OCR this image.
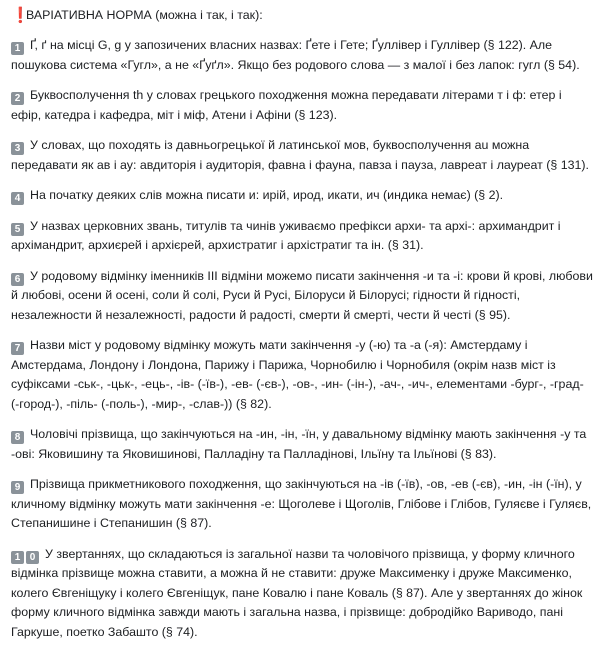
❗
ВАРІАТИВНА НОРМА (можна і так, і так):
1 Ґ, ґ на місці G, g у запозичених власних назвах: Ґете і Гете; Ґуллівер і Гуллівер (§ 122). Але пошукова система «Гугл», а не «Ґуґл». Якщо без родового слова — з малої і без лапок: гугл (§ 54).
2 Буквосполучення th у словах грецького походження можна передавати літерами т і ф: етер і ефір, катедра і кафедра, міт і міф, Атени і Афіни (§ 123).
3 У словах, що походять із давньогрецької й латинської мов, буквосполучення au можна передавати як ав і ау: авдиторія і аудиторія, фавна і фауна, павза і пауза, лавреат і лауреат (§ 131).
4 На початку деяких слів можна писати и: ирій, ирод, икати, ич (индика немає) (§ 2).
5 У назвах церковних звань, титулів та чинів уживаємо префікси архи- та архі-: архимандрит і архімандрит, архиєрей і архієрей, архистратиг і архістратиг та ін. (§ 31).
6 У родовому відмінку іменників ІІІ відміни можемо писати закінчення -и та -і: крови й крові, любови й любові, осени й осені, соли й солі, Руси й Русі, Білоруси й Білорусі; гідности й гідності, незалежности й незалежності, радости й радості, смерти й смерті, чести й честі (§ 95).
7 Назви міст у родовому відмінку можуть мати закінчення -у (-ю) та -а (-я): Амстердаму і Амстердама, Лондону і Лондона, Парижу і Парижа, Чорнобилю і Чорнобиля (окрім назв міст із суфіксами -ськ-, -цьк-, -ець-, -ів- (-їв-), -ев- (-єв-), -ов-, -ин- (-ін-), -ач-, -ич-, елементами -бург-, -град- (-город-), -піль- (-поль-), -мир-, -слав-)) (§ 82).
8 Чоловічі прізвища, що закінчуються на -ин, -ін, -їн, у давальному відмінку мають закінчення -у та -ові: Яковишину та Яковишинові, Палладіну та Палладінові, Ільїну та Ільїнові (§ 83).
9 Прізвища прикметникового походження, що закінчуються на -ів (-їв), -ов, -ев (-єв), -ин, -ін (-їн), у кличному відмінку можуть мати закінчення -е: Щоголеве і Щоголів, Глібове і Глібов, Гуляєве і Гуляєв, Степанишине і Степанишин (§ 87).
1 0 У звертаннях, що складаються із загальної назви та чоловічого прізвища, у форму кличного відмінка прізвище можна ставити, а можна й не ставити: друже Максименку і друже Максименко, колего Євгеніщуку і колего Євгеніщук, пане Ковалю і пане Коваль (§ 87). Але у звертаннях до жінок форму кличного відмінка завжди мають і загальна назва, і прізвище: добродійко Вариводо, пані Гаркуше, поетко Забашто (§ 74).
